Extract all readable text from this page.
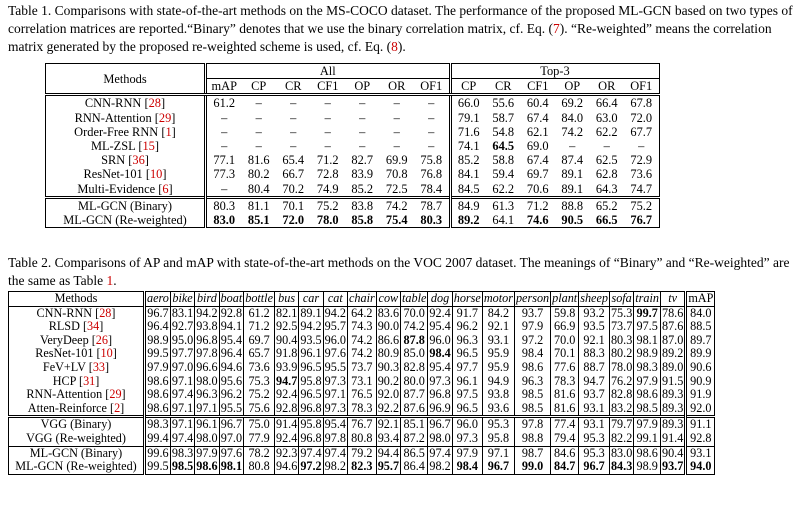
Table 1. Comparisons with state-of-the-art methods on the MS-COCO dataset. The performance of the proposed ML-GCN based on two types of correlation matrices are reported.“Binary” denotes that we use the binary correlation matrix, cf. Eq. (7). “Re-weighted” means the correlation matrix generated by the proposed re-weighted scheme is used, cf. Eq. (8).
Methods	All							Top-3					
	mAP	CP	CR	CF1	OP	OR	OF1	CP	CR	CF1	OP	OR	OF1
CNN-RNN [28]	61.2	–	–	–	–	–	–	66.0	55.6	60.4	69.2	66.4	67.8
RNN-Attention [29]	–	–	–	–	–	–	–	79.1	58.7	67.4	84.0	63.0	72.0
Order-Free RNN [1]	–	–	–	–	–	–	–	71.6	54.8	62.1	74.2	62.2	67.7
ML-ZSL [15]	–	–	–	–	–	–	–	74.1	64.5	69.0	–	–	–
SRN [36]	77.1	81.6	65.4	71.2	82.7	69.9	75.8	85.2	58.8	67.4	87.4	62.5	72.9
ResNet-101 [10]	77.3	80.2	66.7	72.8	83.9	70.8	76.8	84.1	59.4	69.7	89.1	62.8	73.6
Multi-Evidence [6]	–	80.4	70.2	74.9	85.2	72.5	78.4	84.5	62.2	70.6	89.1	64.3	74.7
ML-GCN (Binary)	80.3	81.1	70.1	75.2	83.8	74.2	78.7	84.9	61.3	71.2	88.8	65.2	75.2
ML-GCN (Re-weighted)	83.0	85.1	72.0	78.0	85.8	75.4	80.3	89.2	64.1	74.6	90.5	66.5	76.7
Table 2. Comparisons of AP and mAP with state-of-the-art methods on the VOC 2007 dataset. The meanings of “Binary” and “Re-weighted” are the same as Table 1.
Methods	aero	bike	bird	boat	bottle	bus	car	cat	chair	cow	table	dog	horse	motor	person	plant	sheep	sofa	train	tv	mAP
CNN-RNN [28]	96.7	83.1	94.2	92.8	61.2	82.1	89.1	94.2	64.2	83.6	70.0	92.4	91.7	84.2	93.7	59.8	93.2	75.3	99.7	78.6	84.0
RLSD [34]	96.4	92.7	93.8	94.1	71.2	92.5	94.2	95.7	74.3	90.0	74.2	95.4	96.2	92.1	97.9	66.9	93.5	73.7	97.5	87.6	88.5
VeryDeep [26]	98.9	95.0	96.8	95.4	69.7	90.4	93.5	96.0	74.2	86.6	87.8	96.0	96.3	93.1	97.2	70.0	92.1	80.3	98.1	87.0	89.7
ResNet-101 [10]	99.5	97.7	97.8	96.4	65.7	91.8	96.1	97.6	74.2	80.9	85.0	98.4	96.5	95.9	98.4	70.1	88.3	80.2	98.9	89.2	89.9
FeV+LV [33]	97.9	97.0	96.6	94.6	73.6	93.9	96.5	95.5	73.7	90.3	82.8	95.4	97.7	95.9	98.6	77.6	88.7	78.0	98.3	89.0	90.6
HCP [31]	98.6	97.1	98.0	95.6	75.3	94.7	95.8	97.3	73.1	90.2	80.0	97.3	96.1	94.9	96.3	78.3	94.7	76.2	97.9	91.5	90.9
RNN-Attention [29]	98.6	97.4	96.3	96.2	75.2	92.4	96.5	97.1	76.5	92.0	87.7	96.8	97.5	93.8	98.5	81.6	93.7	82.8	98.6	89.3	91.9
Atten-Reinforce [2]	98.6	97.1	97.1	95.5	75.6	92.8	96.8	97.3	78.3	92.2	87.6	96.9	96.5	93.6	98.5	81.6	93.1	83.2	98.5	89.3	92.0
VGG (Binary)	98.3	97.1	96.1	96.7	75.0	91.4	95.8	95.4	76.7	92.1	85.1	96.7	96.0	95.3	97.8	77.4	93.1	79.7	97.9	89.3	91.1
VGG (Re-weighted)	99.4	97.4	98.0	97.0	77.9	92.4	96.8	97.8	80.8	93.4	87.2	98.0	97.3	95.8	98.8	79.4	95.3	82.2	99.1	91.4	92.8
ML-GCN (Binary)	99.6	98.3	97.9	97.6	78.2	92.3	97.4	97.4	79.2	94.4	86.5	97.4	97.9	97.1	98.7	84.6	95.3	83.0	98.6	90.4	93.1
ML-GCN (Re-weighted)	99.5	98.5	98.6	98.1	80.8	94.6	97.2	98.2	82.3	95.7	86.4	98.2	98.4	96.7	99.0	84.7	96.7	84.3	98.9	93.7	94.0
